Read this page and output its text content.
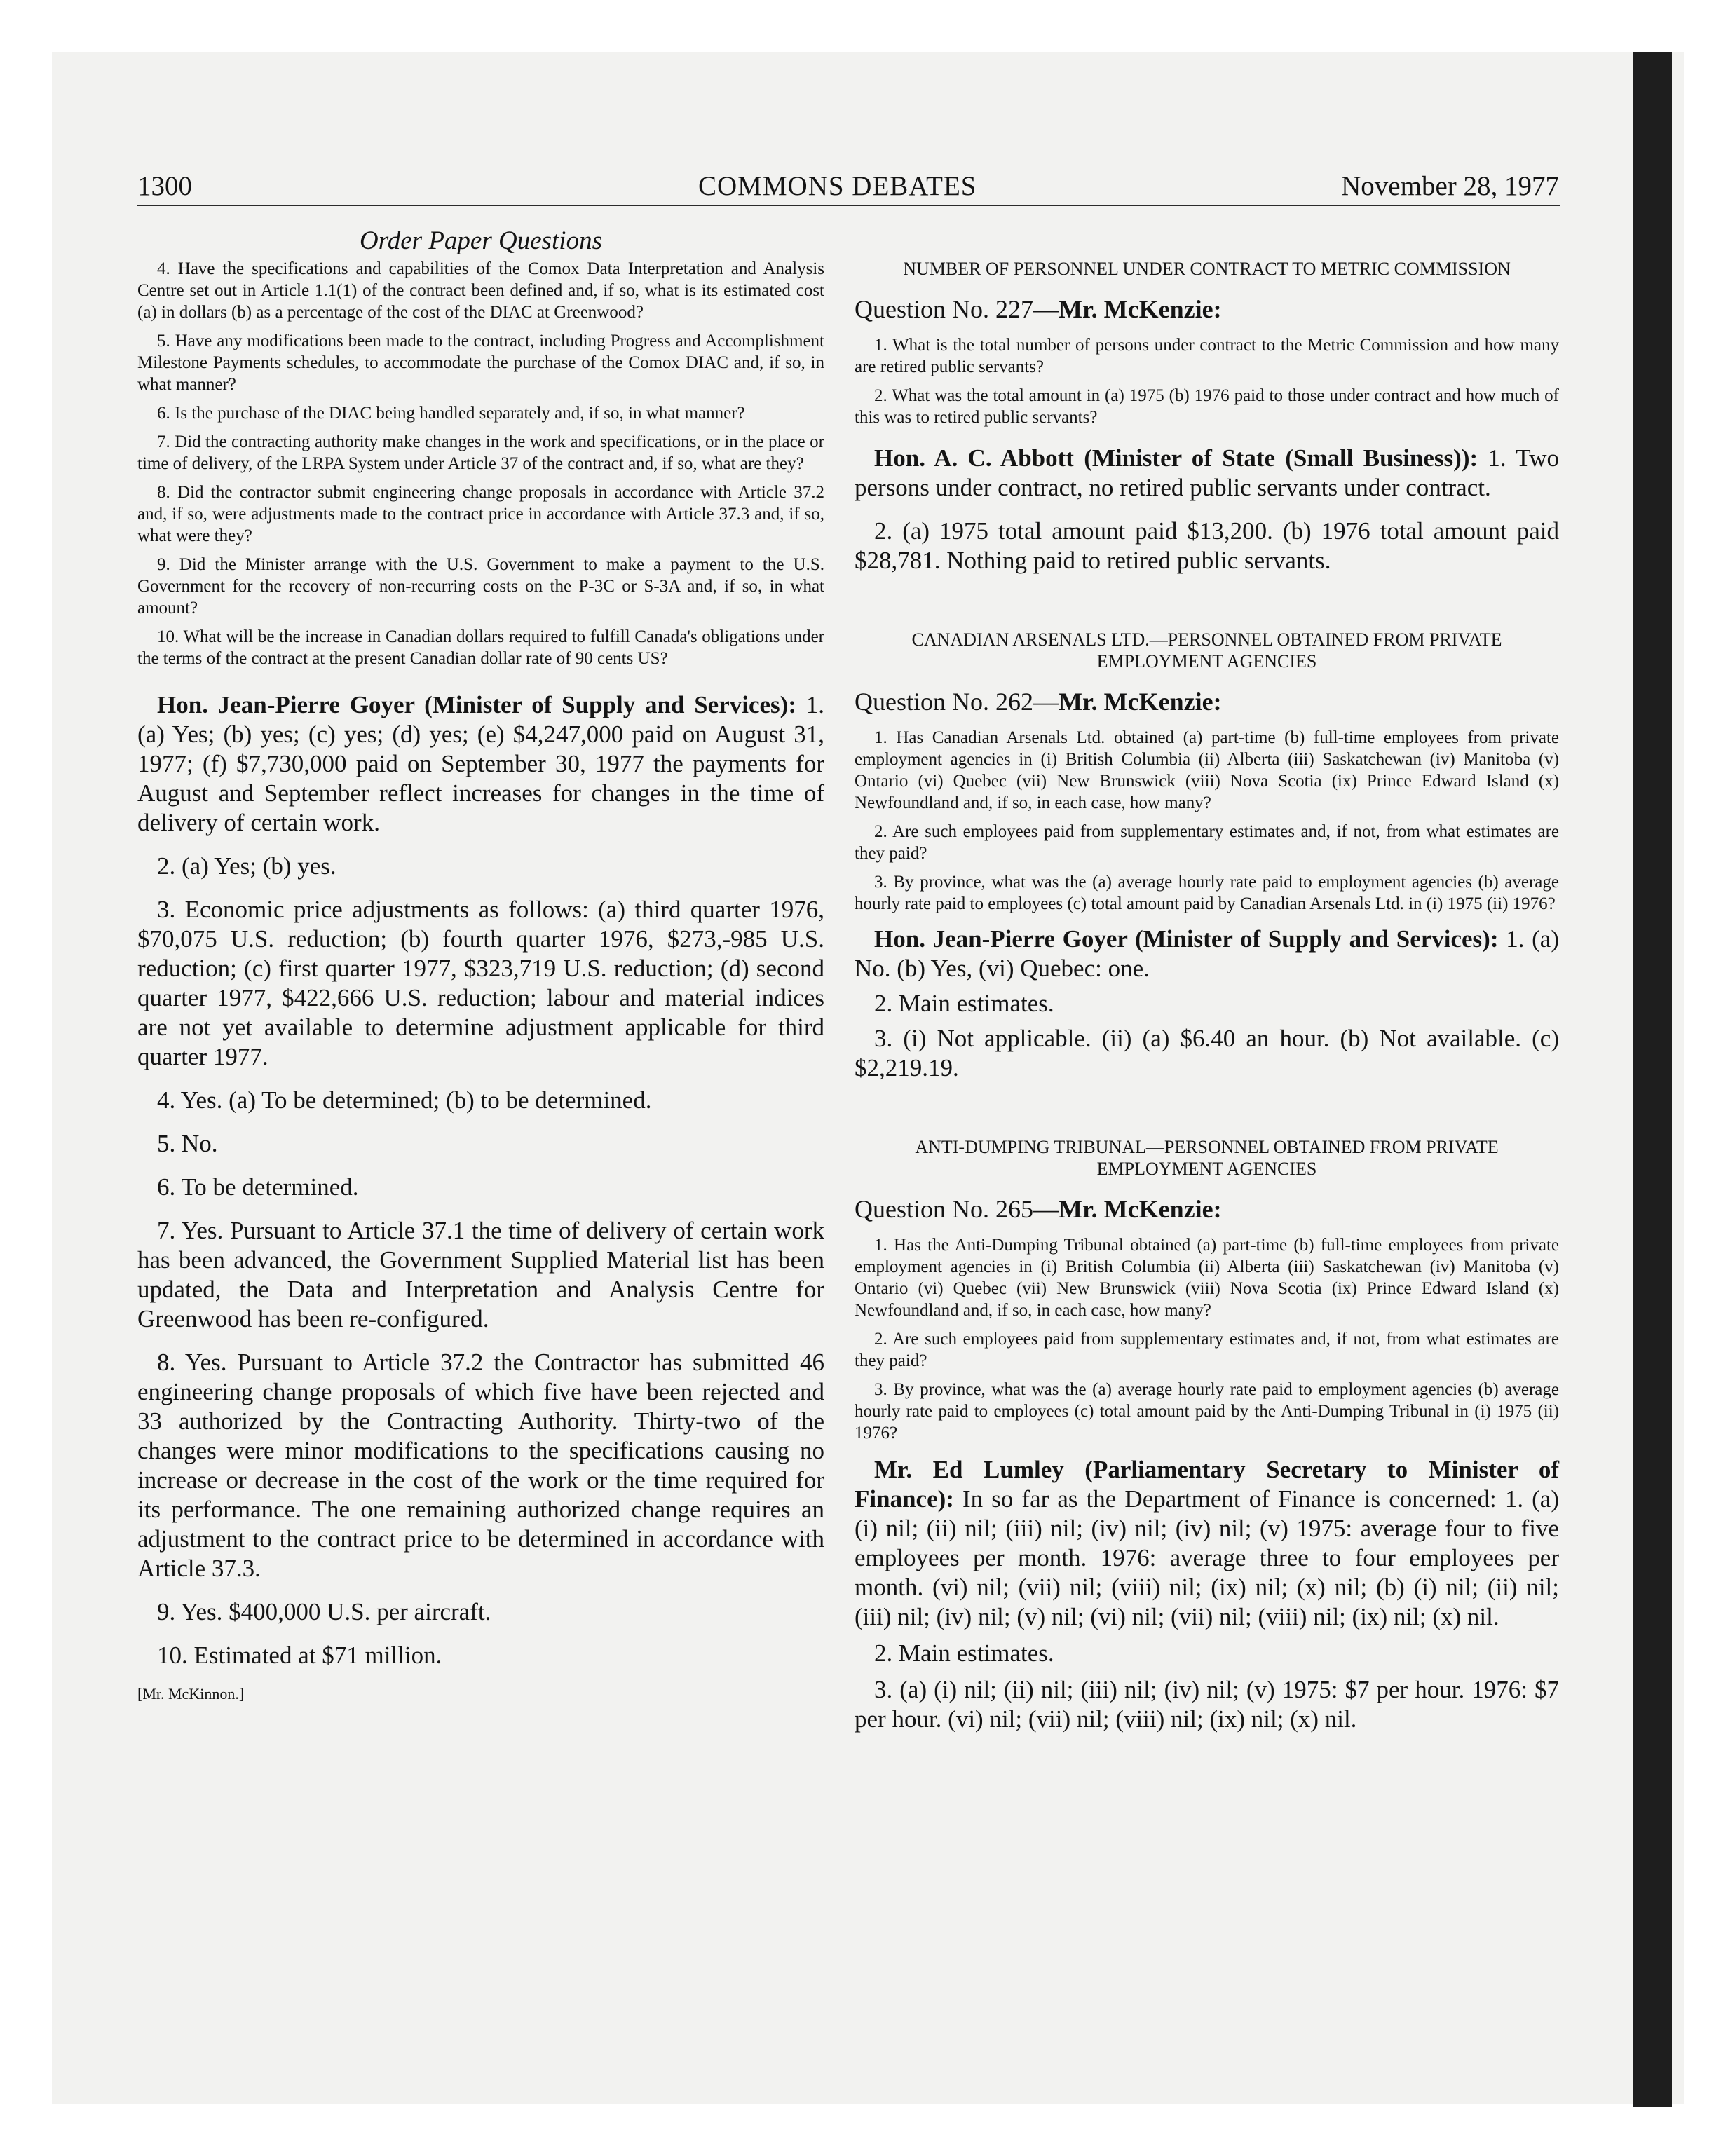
1300	COMMONS DEBATES	November 28, 1977
Order Paper Questions

4. Have the specifications and capabilities of the Comox Data Interpretation and Analysis Centre set out in Article 1.1(1) of the contract been defined and, if so, what is its estimated cost (a) in dollars (b) as a percentage of the cost of the DIAC at Greenwood?

5. Have any modifications been made to the contract, including Progress and Accomplishment Milestone Payments schedules, to accommodate the purchase of the Comox DIAC and, if so, in what manner?

6. Is the purchase of the DIAC being handled separately and, if so, in what manner?

7. Did the contracting authority make changes in the work and specifications, or in the place or time of delivery, of the LRPA System under Article 37 of the contract and, if so, what are they?

8. Did the contractor submit engineering change proposals in accordance with Article 37.2 and, if so, were adjustments made to the contract price in accordance with Article 37.3 and, if so, what were they?

9. Did the Minister arrange with the U.S. Government to make a payment to the U.S. Government for the recovery of non-recurring costs on the P-3C or S-3A and, if so, in what amount?

10. What will be the increase in Canadian dollars required to fulfill Canada's obligations under the terms of the contract at the present Canadian dollar rate of 90 cents US?

Hon. Jean-Pierre Goyer (Minister of Supply and Services): 1. (a) Yes; (b) yes; (c) yes; (d) yes; (e) $4,247,000 paid on August 31, 1977; (f) $7,730,000 paid on September 30, 1977 the payments for August and September reflect increases for changes in the time of delivery of certain work.

2. (a) Yes; (b) yes.

3. Economic price adjustments as follows: (a) third quarter 1976, $70,075 U.S. reduction; (b) fourth quarter 1976, $273,-985 U.S. reduction; (c) first quarter 1977, $323,719 U.S. reduction; (d) second quarter 1977, $422,666 U.S. reduction; labour and material indices are not yet available to determine adjustment applicable for third quarter 1977.

4. Yes. (a) To be determined; (b) to be determined.

5. No.

6. To be determined.

7. Yes. Pursuant to Article 37.1 the time of delivery of certain work has been advanced, the Government Supplied Material list has been updated, the Data and Interpretation and Analysis Centre for Greenwood has been re-configured.

8. Yes. Pursuant to Article 37.2 the Contractor has submitted 46 engineering change proposals of which five have been rejected and 33 authorized by the Contracting Authority. Thirty-two of the changes were minor modifications to the specifications causing no increase or decrease in the cost of the work or the time required for its performance. The one remaining authorized change requires an adjustment to the contract price to be determined in accordance with Article 37.3.

9. Yes. $400,000 U.S. per aircraft.

10. Estimated at $71 million.

[Mr. McKinnon.]

NUMBER OF PERSONNEL UNDER CONTRACT TO METRIC COMMISSION
Question No. 227—Mr. McKenzie:

1. What is the total number of persons under contract to the Metric Commission and how many are retired public servants?

2. What was the total amount in (a) 1975 (b) 1976 paid to those under contract and how much of this was to retired public servants?

Hon. A. C. Abbott (Minister of State (Small Business)): 1. Two persons under contract, no retired public servants under contract.

2. (a) 1975 total amount paid $13,200. (b) 1976 total amount paid $28,781. Nothing paid to retired public servants.

CANADIAN ARSENALS LTD.—PERSONNEL OBTAINED FROM PRIVATE EMPLOYMENT AGENCIES
Question No. 262—Mr. McKenzie:

1. Has Canadian Arsenals Ltd. obtained (a) part-time (b) full-time employees from private employment agencies in (i) British Columbia (ii) Alberta (iii) Saskatchewan (iv) Manitoba (v) Ontario (vi) Quebec (vii) New Brunswick (viii) Nova Scotia (ix) Prince Edward Island (x) Newfoundland and, if so, in each case, how many?

2. Are such employees paid from supplementary estimates and, if not, from what estimates are they paid?

3. By province, what was the (a) average hourly rate paid to employment agencies (b) average hourly rate paid to employees (c) total amount paid by Canadian Arsenals Ltd. in (i) 1975 (ii) 1976?

Hon. Jean-Pierre Goyer (Minister of Supply and Services): 1. (a) No. (b) Yes, (vi) Quebec: one.

2. Main estimates.

3. (i) Not applicable. (ii) (a) $6.40 an hour. (b) Not available. (c) $2,219.19.

ANTI-DUMPING TRIBUNAL—PERSONNEL OBTAINED FROM PRIVATE EMPLOYMENT AGENCIES
Question No. 265—Mr. McKenzie:

1. Has the Anti-Dumping Tribunal obtained (a) part-time (b) full-time employees from private employment agencies in (i) British Columbia (ii) Alberta (iii) Saskatchewan (iv) Manitoba (v) Ontario (vi) Quebec (vii) New Brunswick (viii) Nova Scotia (ix) Prince Edward Island (x) Newfoundland and, if so, in each case, how many?

2. Are such employees paid from supplementary estimates and, if not, from what estimates are they paid?

3. By province, what was the (a) average hourly rate paid to employment agencies (b) average hourly rate paid to employees (c) total amount paid by the Anti-Dumping Tribunal in (i) 1975 (ii) 1976?

Mr. Ed Lumley (Parliamentary Secretary to Minister of Finance): In so far as the Department of Finance is concerned: 1. (a) (i) nil; (ii) nil; (iii) nil; (iv) nil; (iv) nil; (v) 1975: average four to five employees per month. 1976: average three to four employees per month. (vi) nil; (vii) nil; (viii) nil; (ix) nil; (x) nil; (b) (i) nil; (ii) nil; (iii) nil; (iv) nil; (v) nil; (vi) nil; (vii) nil; (viii) nil; (ix) nil; (x) nil.

2. Main estimates.

3. (a) (i) nil; (ii) nil; (iii) nil; (iv) nil; (v) 1975: $7 per hour. 1976: $7 per hour. (vi) nil; (vii) nil; (viii) nil; (ix) nil; (x) nil.
